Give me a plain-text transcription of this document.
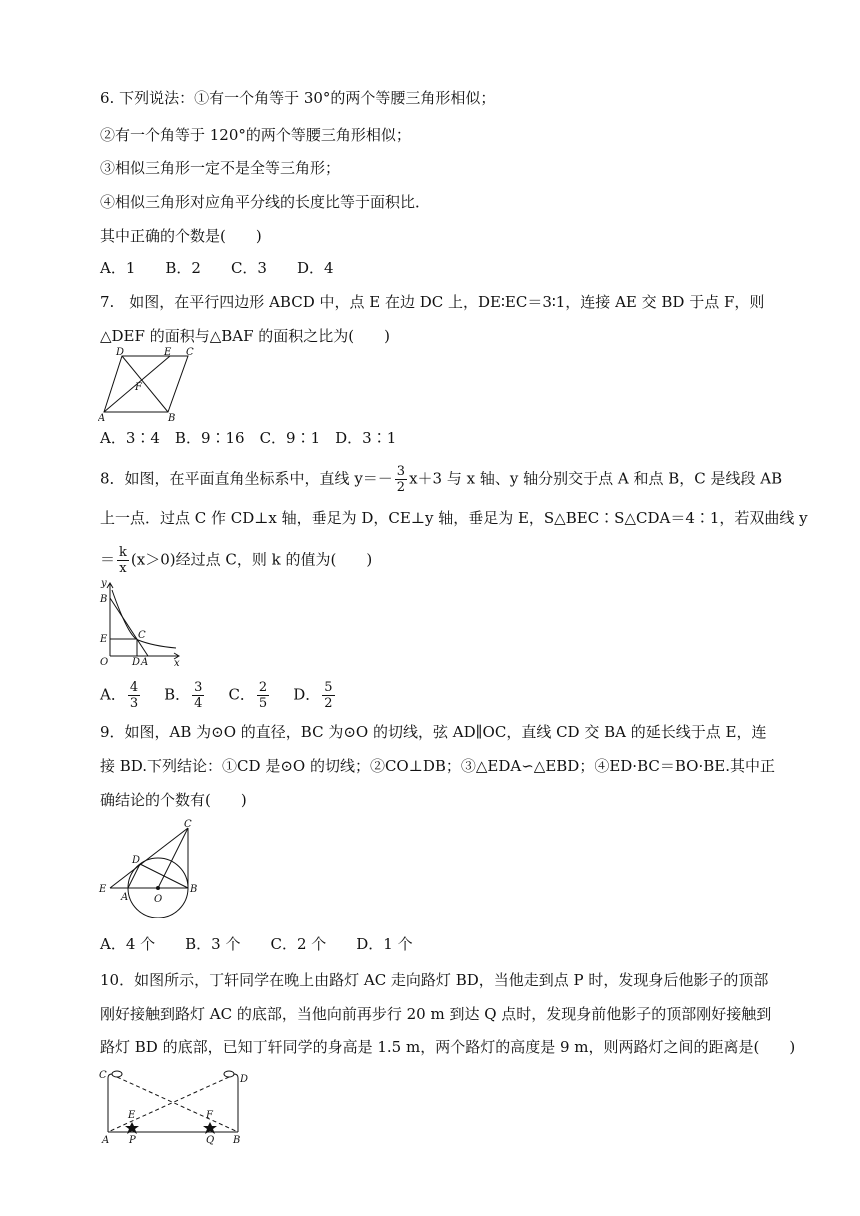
6. 下列说法：①有一个角等于 30°的两个等腰三角形相似；
②有一个角等于 120°的两个等腰三角形相似；
③相似三角形一定不是全等三角形；
④相似三角形对应角平分线的长度比等于面积比．
其中正确的个数是(　　)
A．1　　B．2　　C．3　　D．4
7.　如图，在平行四边形 ABCD 中，点 E 在边 DC 上，DE∶EC＝3∶1，连接 AE 交 BD 于点 F，则
△DEF 的面积与△BAF 的面积之比为(　　)
D	E C
A	B
F
A．3∶4　B．9∶16　C．9∶1　D．3∶1
8．如图，在平面直角坐标系中，直线 $y=- \frac{3}{2} x+3$ 与 x 轴、y 轴分别交于点 A 和点 B，C 是线段 AB
上一点．过点 C 作 CD⊥x 轴，垂足为 D，CE⊥y 轴，垂足为 E，S△BEC∶S△CDA＝4∶1，若双曲线 y
＝ $\frac{k}{x} (x>0)$经过点 C，则 k 的值为(　　)
y
B
E	C
O D A	x
A． $\frac{4}{3}$ B． $\frac{3}{4}$ C． $\frac{2}{5}$ D． $\frac{5}{2}$
9．如图，AB 为⊙O 的直径，BC 为⊙O 的切线，弦 AD∥OC，直线 CD 交 BA 的延长线于点 E，连
接 BD.下列结论：①CD 是⊙O 的切线；②CO⊥DB；③△EDA∽△EBD；④ED·BC＝BO·BE.其中正
确结论的个数有(　　)
C
D
E
A	O
B
A．4 个　　B．3 个　　C．2 个　　D．1 个
10．如图所示，丁轩同学在晚上由路灯 AC 走向路灯 BD，当他走到点 P 时，发现身后他影子的顶部
刚好接触到路灯 AC 的底部，当他向前再步行 20 m 到达 Q 点时，发现身前他影子的顶部刚好接触到
路灯 BD 的底部，已知丁轩同学的身高是 1.5 m，两个路灯的高度是 9 m，则两路灯之间的距离是(　　)
C	D
E	F
A P	Q B
